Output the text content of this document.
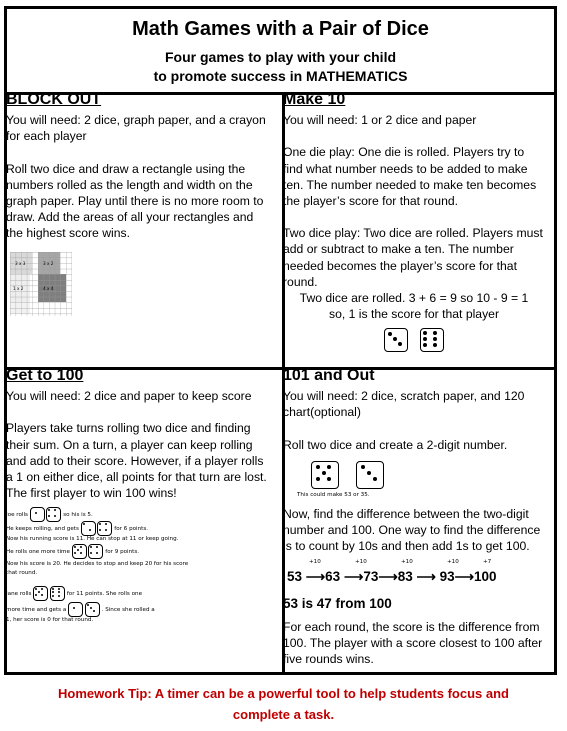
Math Games with a Pair of Dice
Four games to play with your child
to promote success in MATHEMATICS
BLOCK OUT

You will need: 2 dice, graph paper, and a crayon for each player

Roll two dice and draw a rectangle using the numbers rolled as the length and width on the graph paper. Play until there is no more room to draw. Add the areas of all your rectangles and the highest score wins.

3 x 3	3 x 2
1 x 2	4 x 4
Make 10

You will need: 1 or 2 dice and paper

One die play: One die is rolled. Players try to find what number needs to be added to make ten. The number needed to make ten becomes the player’s score for that round.

Two dice play: Two dice are rolled. Players must add or subtract to make a ten. The number needed becomes the player’s score for that round.

Two dice are rolled. 3 + 6 = 9 so 10 - 9 = 1

so, 1 is the score for that player

Get to 100

You will need: 2 dice and paper to keep score

Players take turns rolling two dice and finding their sum. On a turn, a player can keep rolling and add to their score. However, if a player rolls a 1 on either dice, all points for that turn are lost. The first player to win 100 wins!

Joe rolls
	so his is 5.
He keeps rolling, and gets
	for 6 points.
Now his running score is 11. He can stop at 11 or keep going.
He rolls one more time
	for 9 points.
Now his score is 20. He decides to stop and keep 20 for his score that round.
Jane rolls
	for 11 points. She rolls one
more time and gets a
	. Since she rolled a
1, her score is 0 for that round.
101 and Out

You will need: 2 dice, scratch paper, and 120 chart(optional)

Roll two dice and create a 2-digit number.

This could make 53 or 35.

Now, find the difference between the two-digit number and 100. One way to find the difference is to count by 10s and then add 1s to get 100.

+10	+10	+10	+10	+7
53 ⟶63 ⟶73⟶83 ⟶ 93⟶100

53 is 47 from 100

For each round, the score is the difference from 100. The player with a score closest to 100 after five rounds wins.

Homework Tip: A timer can be a powerful tool to help students focus and
complete a task.
